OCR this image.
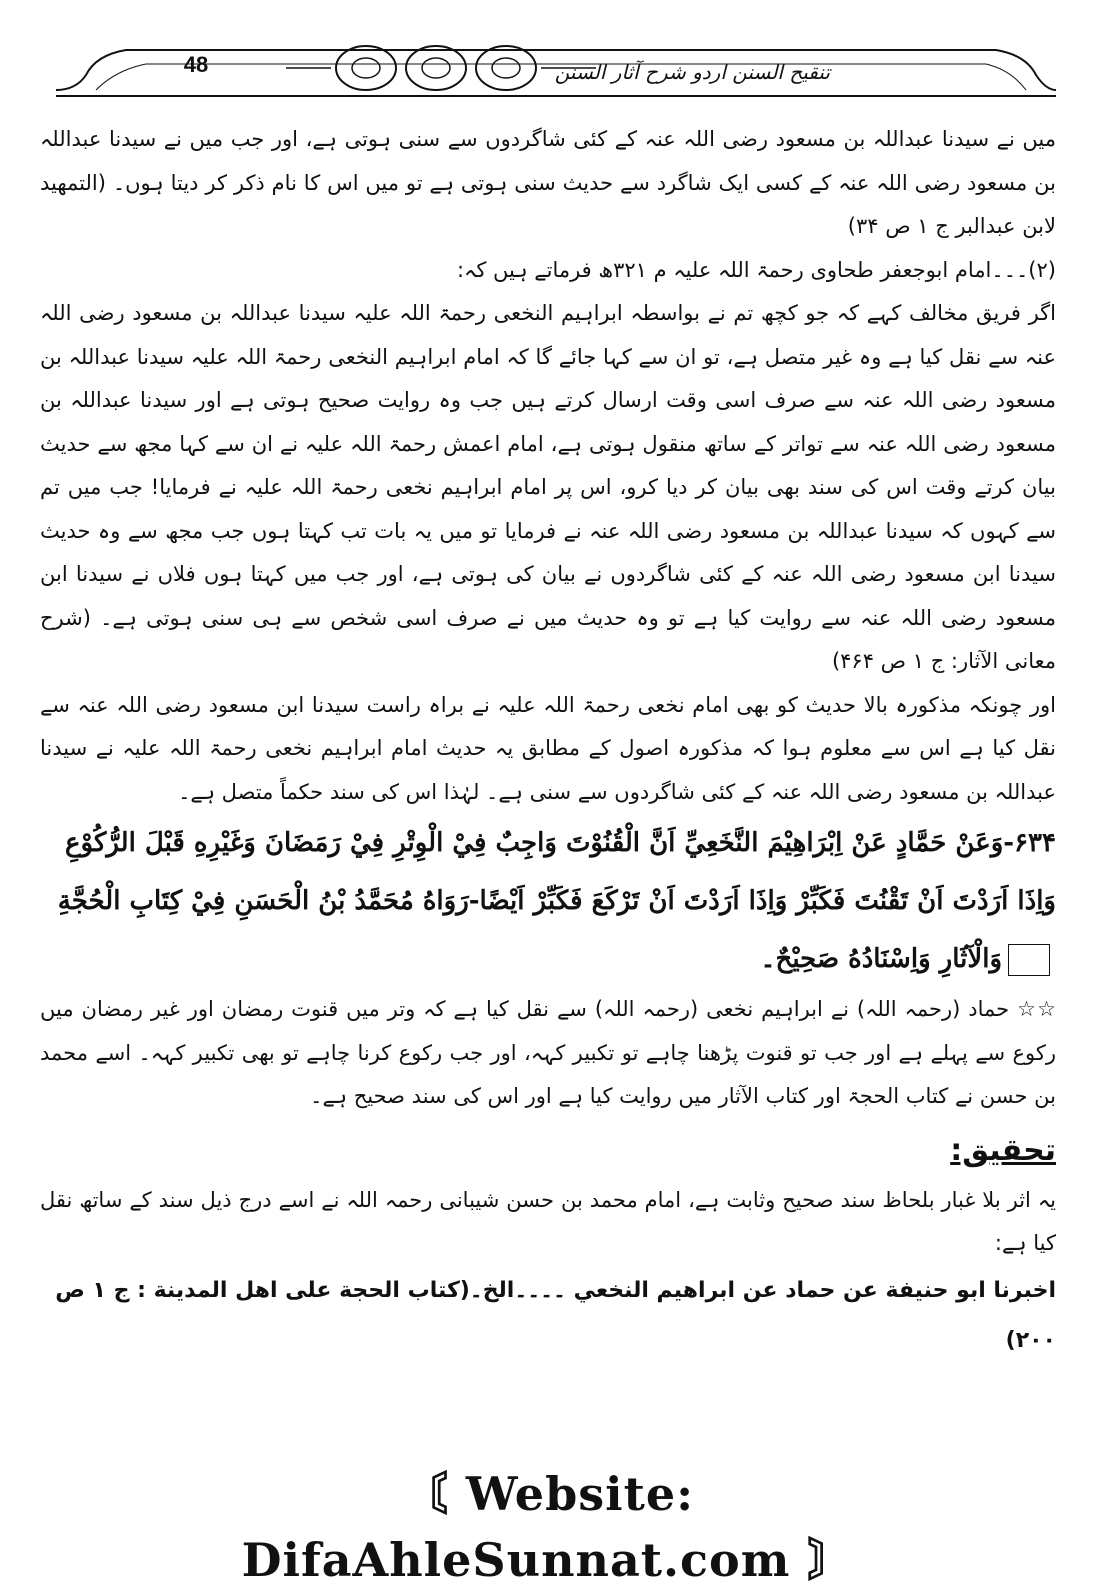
48	تنقیح السنن اردو شرح آثار السنن

میں نے سیدنا عبداللہ بن مسعود رضی اللہ عنہ کے کئی شاگردوں سے سنی ہوتی ہے، اور جب میں نے سیدنا عبداللہ بن مسعود رضی اللہ عنہ کے کسی ایک شاگرد سے حدیث سنی ہوتی ہے تو میں اس کا نام ذکر کر دیتا ہوں۔ (التمهيد لابن عبدالبر ج ۱ ص ۳۴)

(۲)۔۔۔امام ابوجعفر طحاوی رحمۃ اللہ علیہ م ۳۲۱ھ فرماتے ہیں کہ:

اگر فریق مخالف کہے کہ جو کچھ تم نے بواسطہ ابراہیم النخعی رحمۃ اللہ علیہ سیدنا عبداللہ بن مسعود رضی اللہ عنہ سے نقل کیا ہے وہ غیر متصل ہے، تو ان سے کہا جائے گا کہ امام ابراہیم النخعی رحمۃ اللہ علیہ سیدنا عبداللہ بن مسعود رضی اللہ عنہ سے صرف اسی وقت ارسال کرتے ہیں جب وہ روایت صحیح ہوتی ہے اور سیدنا عبداللہ بن مسعود رضی اللہ عنہ سے تواتر کے ساتھ منقول ہوتی ہے، امام اعمش رحمۃ اللہ علیہ نے ان سے کہا مجھ سے حدیث بیان کرتے وقت اس کی سند بھی بیان کر دیا کرو، اس پر امام ابراہیم نخعی رحمۃ اللہ علیہ نے فرمایا! جب میں تم سے کہوں کہ سیدنا عبداللہ بن مسعود رضی اللہ عنہ نے فرمایا تو میں یہ بات تب کہتا ہوں جب مجھ سے وہ حدیث سیدنا ابن مسعود رضی اللہ عنہ کے کئی شاگردوں نے بیان کی ہوتی ہے، اور جب میں کہتا ہوں فلاں نے سیدنا ابن مسعود رضی اللہ عنہ سے روایت کیا ہے تو وہ حدیث میں نے صرف اسی شخص سے ہی سنی ہوتی ہے۔ (شرح معانی الآثار: ج ۱ ص ۴۶۴)

اور چونکہ مذکورہ بالا حدیث کو بھی امام نخعی رحمۃ اللہ علیہ نے براہ راست سیدنا ابن مسعود رضی اللہ عنہ سے نقل کیا ہے اس سے معلوم ہوا کہ مذکورہ اصول کے مطابق یہ حدیث امام ابراہیم نخعی رحمۃ اللہ علیہ نے سیدنا عبداللہ بن مسعود رضی اللہ عنہ کے کئی شاگردوں سے سنی ہے۔ لہٰذا اس کی سند حکماً متصل ہے۔

۶۳۴-وَعَنْ حَمَّادٍ عَنْ اِبْرَاهِيْمَ النَّخَعِيِّ اَنَّ الْقُنُوْتَ وَاجِبٌ فِيْ الْوِتْرِ فِيْ رَمَضَانَ وَغَيْرِهِ قَبْلَ الرُّكُوْعِ وَاِذَا اَرَدْتَ اَنْ تَقْنُتَ فَكَبِّرْ وَاِذَا اَرَدْتَ اَنْ تَرْكَعَ فَكَبِّرْ اَيْضًا-رَوَاهُ مُحَمَّدُ بْنُ الْحَسَنِ فِيْ كِتَابِ الْحُجَّةِوَالْآثَارِ وَاِسْنَادُهُ صَحِيْحٌ۔

☆☆ حماد (رحمہ اللہ) نے ابراہیم نخعی (رحمہ اللہ) سے نقل کیا ہے کہ وتر میں قنوت رمضان اور غیر رمضان میں رکوع سے پہلے ہے اور جب تو قنوت پڑھنا چاہے تو تکبیر کہہ، اور جب رکوع کرنا چاہے تو بھی تکبیر کہہ۔ اسے محمد بن حسن نے کتاب الحجۃ اور کتاب الآثار میں روایت کیا ہے اور اس کی سند صحیح ہے۔

تحقیق:

یہ اثر بلا غبار بلحاظ سند صحیح وثابت ہے، امام محمد بن حسن شیبانی رحمہ اللہ نے اسے درج ذیل سند کے ساتھ نقل کیا ہے:

اخبرنا ابو حنيفة عن حماد عن ابراهيم النخعي ۔۔۔۔الخ۔(كتاب الحجة على اهل المدينة : ج ۱ ص ۲۰۰)

〘 Website: DifaAhleSunnat.com 〙
